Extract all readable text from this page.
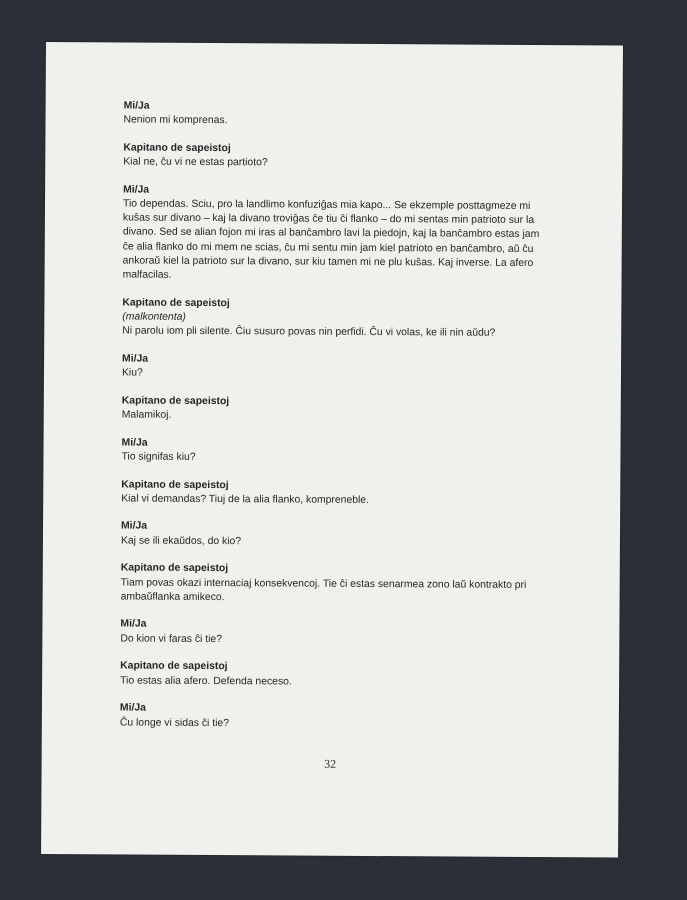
Mi/Ja
Nenion mi komprenas.
Kapitano de sapeistoj
Kial ne, ĉu vi ne estas partioto?
Mi/Ja
Tio dependas. Sciu, pro la landlimo konfuziĝas mia kapo... Se ekzemple posttagmeze mi kuŝas sur divano – kaj la divano troviĝas ĉe tiu ĉi flanko – do mi sentas min patrioto sur la divano. Sed se alian fojon mi iras al banĉambro lavi la piedojn, kaj la banĉambro estas jam ĉe alia flanko do mi mem ne scias, ĉu mi sentu min jam kiel patrioto en banĉambro, aŭ ĉu ankoraŭ kiel la patrioto sur la divano, sur kiu tamen mi ne plu kuŝas. Kaj inverse. La afero malfacilas.
Kapitano de sapeistoj
(malkontenta)
Ni parolu iom pli silente. Ĉiu susuro povas nin perfidi. Ĉu vi volas, ke ili nin aŭdu?
Mi/Ja
Kiu?
Kapitano de sapeistoj
Malamikoj.
Mi/Ja
Tio signifas kiu?
Kapitano de sapeistoj
Kial vi demandas? Tiuj de la alia flanko, kompreneble.
Mi/Ja
Kaj se ili ekaŭdos, do kio?
Kapitano de sapeistoj
Tiam povas okazi internaciaj konsekvencoj. Tie ĉi estas senarmea zono laŭ kontrakto pri ambaŭflanka amikeco.
Mi/Ja
Do kion vi faras ĉi tie?
Kapitano de sapeistoj
Tio estas alia afero. Defenda neceso.
Mi/Ja
Ĉu longe vi sidas ĉi tie?
32
